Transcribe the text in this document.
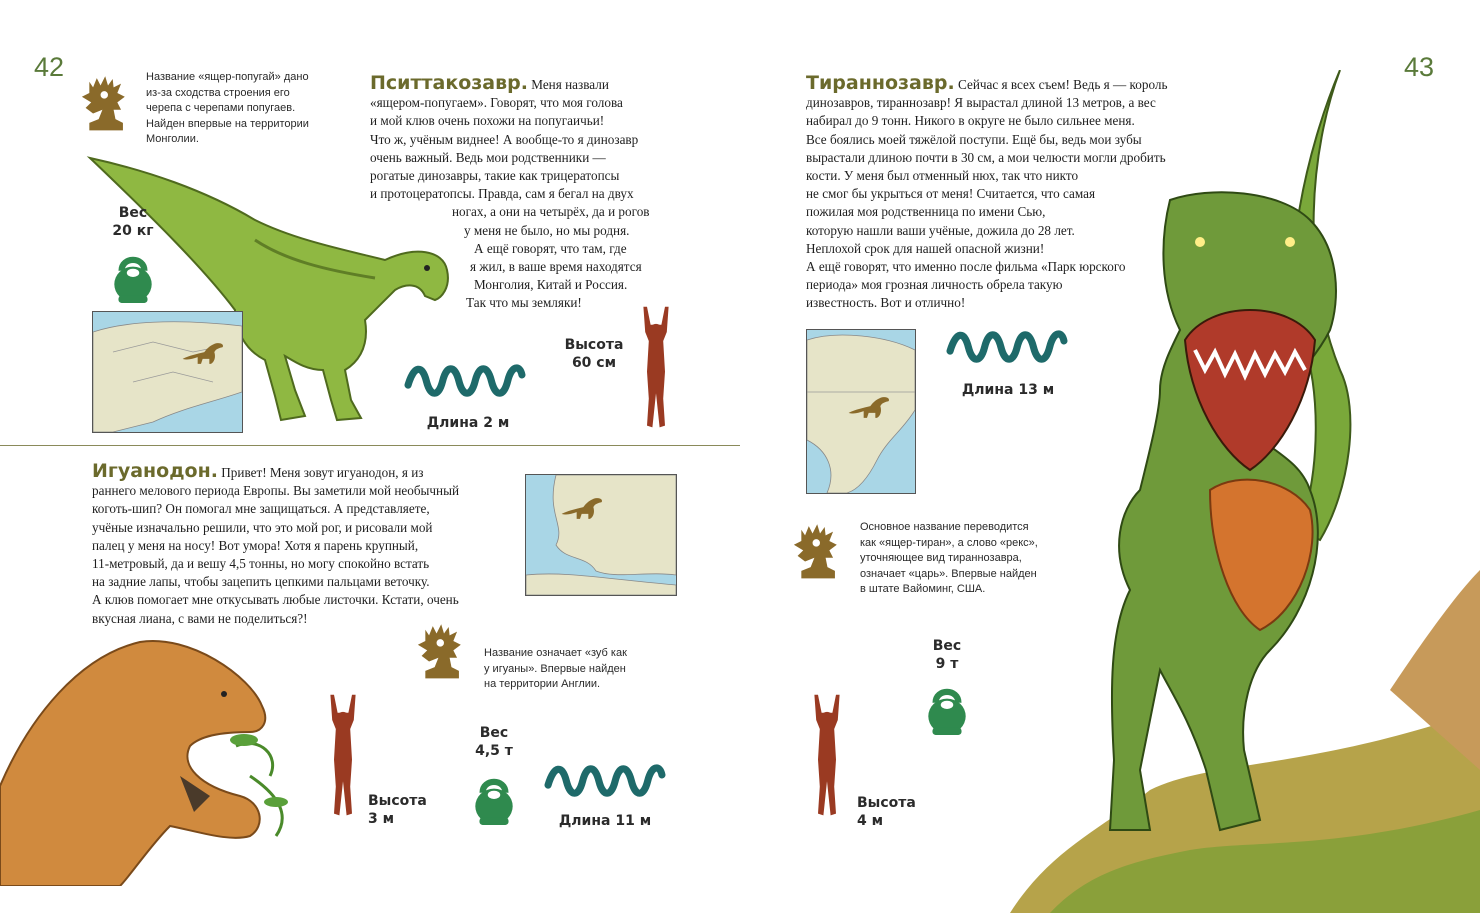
42	43
Название «ящер-попугай» дано
из-за сходства строения его
черепа с черепами попугаев.
Найден впервые на территории
Монголии.
Пситтакозавр. Меня назвали
«ящером-попугаем». Говорят, что моя голова
и мой клюв очень похожи на попугаичьи!
Что ж, учёным виднее! А вообще-то я динозавр
очень важный. Ведь мои родственники —
рогатые динозавры, такие как трицератопсы
и протоцератопсы. Правда, сам я бегал на двух
ногах, а они на четырёх, да и рогов
у меня не было, но мы родня.
А ещё говорят, что там, где
я жил, в ваше время находятся
Монголия, Китай и Россия.
Так что мы земляки!
Вес
20 кг
Длина 2 м
Высота
60 см
Игуанодон. Привет! Меня зовут игуанодон, я из
раннего мелового периода Европы. Вы заметили мой необычный
коготь-шип? Он помогал мне защищаться. А представляете,
учёные изначально решили, что это мой рог, и рисовали мой
палец у меня на носу! Вот умора! Хотя я парень крупный,
11-метровый, да и вешу 4,5 тонны, но могу спокойно встать
на задние лапы, чтобы зацепить цепкими пальцами веточку.
А клюв помогает мне откусывать любые листочки. Кстати, очень
вкусная лиана, с вами не поделиться?!
Название означает «зуб как
у игуаны». Впервые найден
на территории Англии.
Высота
3 м
Вес
4,5 т
Длина 11 м
Тираннозавр. Сейчас я всех съем! Ведь я — король
динозавров, тираннозавр! Я вырастал длиной 13 метров, а вес
набирал до 9 тонн. Никого в округе не было сильнее меня.
Все боялись моей тяжёлой поступи. Ещё бы, ведь мои зубы
вырастали длиною почти в 30 см, а мои челюсти могли дробить
кости. У меня был отменный нюх, так что никто
не смог бы укрыться от меня! Считается, что самая
пожилая моя родственница по имени Сью,
которую нашли ваши учёные, дожила до 28 лет.
Неплохой срок для нашей опасной жизни!
А ещё говорят, что именно после фильма «Парк юрского
периода» моя грозная личность обрела такую
известность. Вот и отлично!
Длина 13 м
Основное название переводится
как «ящер-тиран», а слово «рекс»,
уточняющее вид тираннозавра,
означает «царь». Впервые найден
в штате Вайоминг, США.
Вес
9 т
Высота
4 м
